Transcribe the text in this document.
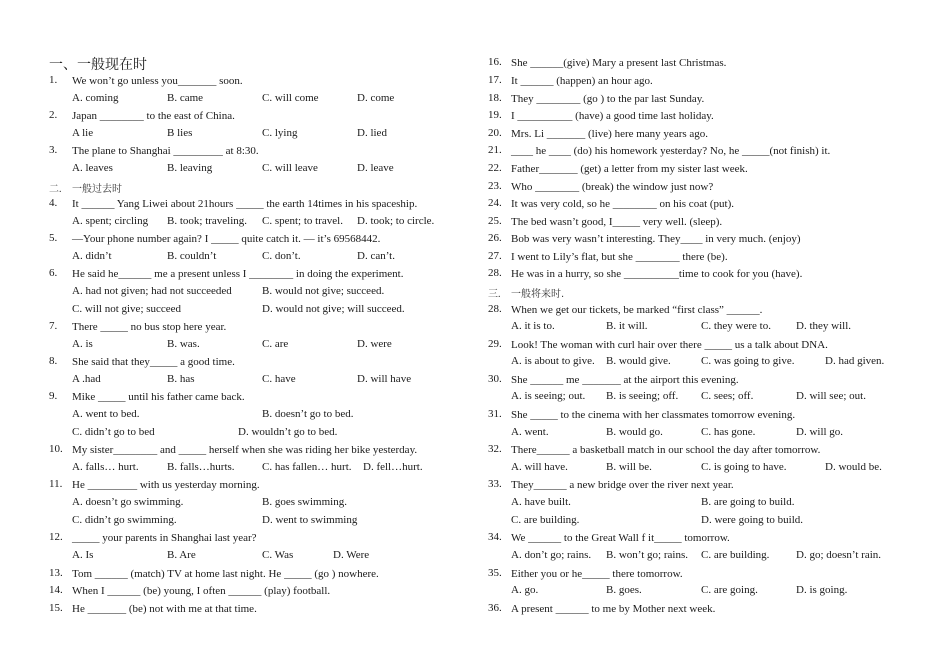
一、一般现在时
1. We won’t go unless you_______ soon.
A. coming	B. came	C. will come	D. come
2. Japan ________ to the east of China.
A lie	B lies	C. lying	D. lied
3. The plane to Shanghai _________ at 8:30.
A. leaves	B. leaving	C. will leave	D. leave
二. 一般过去时
4. It ______ Yang Liwei about 21hours _____ the earth 14times in his spaceship.
A. spent; circling B. took; traveling. C. spent; to travel. D. took; to circle.
5. —Your phone number again? I _____ quite catch it. — it’s 69568442.
A. didn’t	B. couldn’t	C. don’t.	D. can’t.
6. He said he______ me a present unless I ________ in doing the experiment.
A. had not given; had not succeeded	B. would not give; succeed.
C. will not give; succeed	D. would not give; will succeed.
7. There _____ no bus stop here year.
A. is	B. was.	C. are	D. were
8. She said that they_____ a good time.
A .had	B. has	C. have	D. will have
9. Mike _____ until his father came back.
A. went to bed.	B. doesn’t go to bed.
C. didn’t go to bed	D. wouldn’t go to bed.
10. My sister________ and _____ herself when she was riding her bike yesterday.
A. falls… hurt.	B. falls…hurts. C. has fallen… hurt. D. fell…hurt.
11. He _________ with us yesterday morning.
A. doesn’t go swimming.	B. goes swimming.
C. didn’t go swimming.	D. went to swimming
12. _____ your parents in Shanghai last year?
A. Is	B. Are	C. Was	D. Were
13. Tom ______ (match) TV at home last night. He _____ (go ) nowhere.
14. When I ______ (be) young, I often ______ (play) football.
15. He _______ (be) not with me at that time.
16. She ______(give) Mary a present last Christmas.
17. It ______ (happen) an hour ago.
18. They ________ (go ) to the par last Sunday.
19. I __________ (have) a good time last holiday.
20. Mrs. Li _______ (live) here many years ago.
21. ____ he ____ (do) his homework yesterday? No, he _____(not finish) it.
22. Father_______ (get) a letter from my sister last week.
23. Who ________ (break) the window just now?
24. It was very cold, so he ________ on his coat (put).
25. The bed wasn’t good, I_____ very well. (sleep).
26. Bob was very wasn’t interesting. They____ in very much. (enjoy)
27. I went to Lily’s flat, but she ________ there (be).
28. He was in a hurry, so she __________time to cook for you (have).
三. 一般将来时.
28. When we get our tickets, be marked “first class” ______.
A. it is to.	B. it will.	C. they were to. D. they will.
29. Look! The woman with curl hair over there _____ us a talk about DNA.
A. is about to give. B. would give.	C. was going to give.	D. had given.
30. She ______ me _______ at the airport this evening.
A. is seeing; out. B. is seeing; off. C. sees; off.	D. will see; out.
31. She _____ to the cinema with her classmates tomorrow evening.
A. went.	B. would go.	C. has gone.	D. will go.
32. There______ a basketball match in our school the day after tomorrow.
A. will have.	B. will be.	C. is going to have.	D. would be.
33. They______ a new bridge over the river next year.
A. have built.	B. are going to build.
C. are building.	D. were going to build.
34. We ______ to the Great Wall f it_____ tomorrow.
A. don’t go; rains. B. won’t go; rains. C. are building. D. go; doesn’t rain.
35. Either you or he_____ there tomorrow.
A. go.	B. goes.	C. are going.	D. is going.
36. A present ______ to me by Mother next week.
